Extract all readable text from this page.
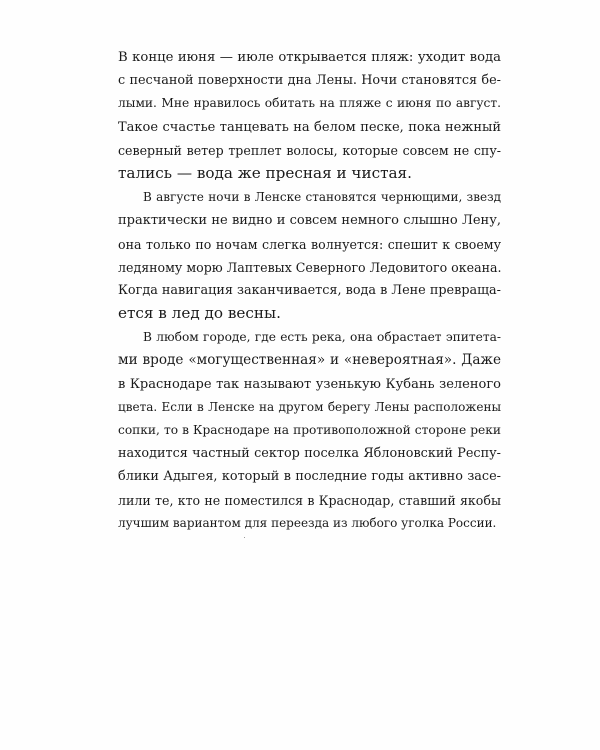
В конце июня — июле открывается пляж: уходит вода
с песчаной поверхности дна Лены. Ночи становятся бе-
лыми. Мне нравилось обитать на пляже с июня по август.
Такое счастье танцевать на белом песке, пока нежный
северный ветер треплет волосы, которые совсем не спу-
тались — вода же пресная и чистая.
В августе ночи в Ленске становятся чернющими, звезд
практически не видно и совсем немного слышно Лену,
она только по ночам слегка волнуется: спешит к своему
ледяному морю Лаптевых Северного Ледовитого океана.
Когда навигация заканчивается, вода в Лене превраща-
ется в лед до весны.
В любом городе, где есть река, она обрастает эпитета-
ми вроде «могущественная» и «невероятная». Даже
в Краснодаре так называют узенькую Кубань зеленого
цвета. Если в Ленске на другом берегу Лены расположены
сопки, то в Краснодаре на противоположной стороне реки
находится частный сектор поселка Яблоновский Респу-
блики Адыгея, который в последние годы активно засе-
лили те, кто не поместился в Краснодар, ставший якобы
лучшим вариантом для переезда из любого уголка России.
